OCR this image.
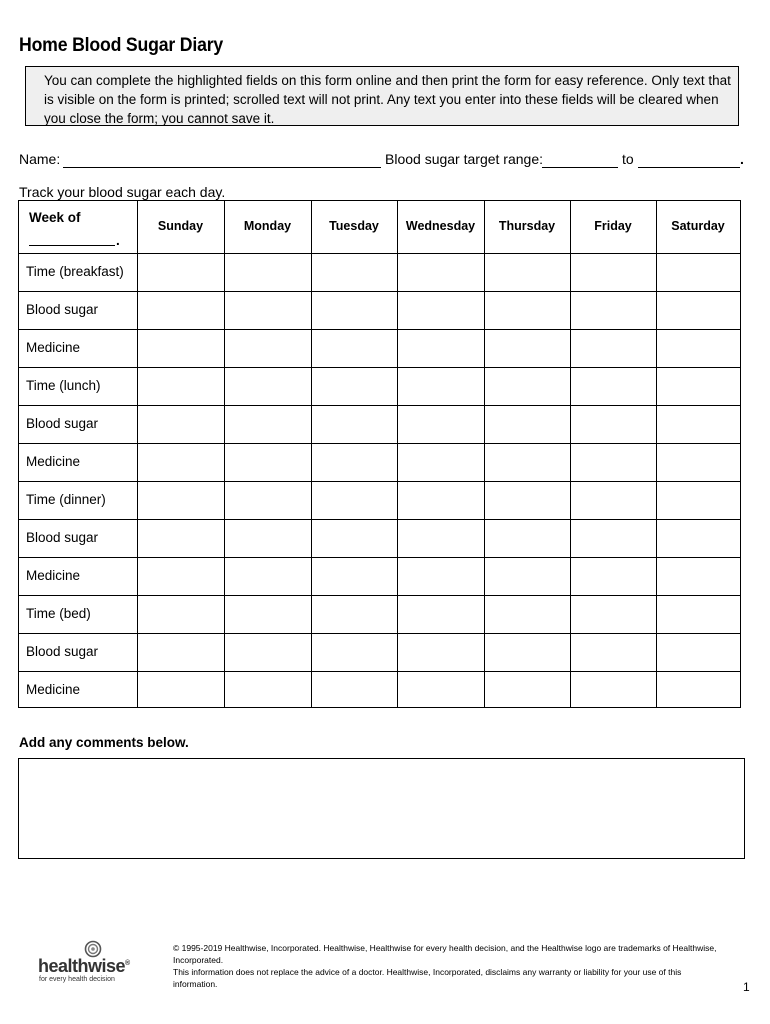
Home Blood Sugar Diary
You can complete the highlighted fields on this form online and then print the form for easy reference. Only text that is visible on the form is printed; scrolled text will not print. Any text you enter into these fields will be cleared when you close the form; you cannot save it.
Name:	Blood sugar target range:	to	.
Track your blood sugar each day.
Week of
.
Sunday	Monday	Tuesday	Wednesday	Thursday	Friday	Saturday
Time (breakfast)
Blood sugar
Medicine
Time (lunch)
Blood sugar
Medicine
Time (dinner)
Blood sugar
Medicine
Time (bed)
Blood sugar
Medicine
Add any comments below.
healthwise®
for every health decision

© 1995-2019 Healthwise, Incorporated. Healthwise, Healthwise for every health decision, and the Healthwise logo are trademarks of Healthwise, Incorporated.

This information does not replace the advice of a doctor. Healthwise, Incorporated, disclaims any warranty or liability for your use of this information.	1
